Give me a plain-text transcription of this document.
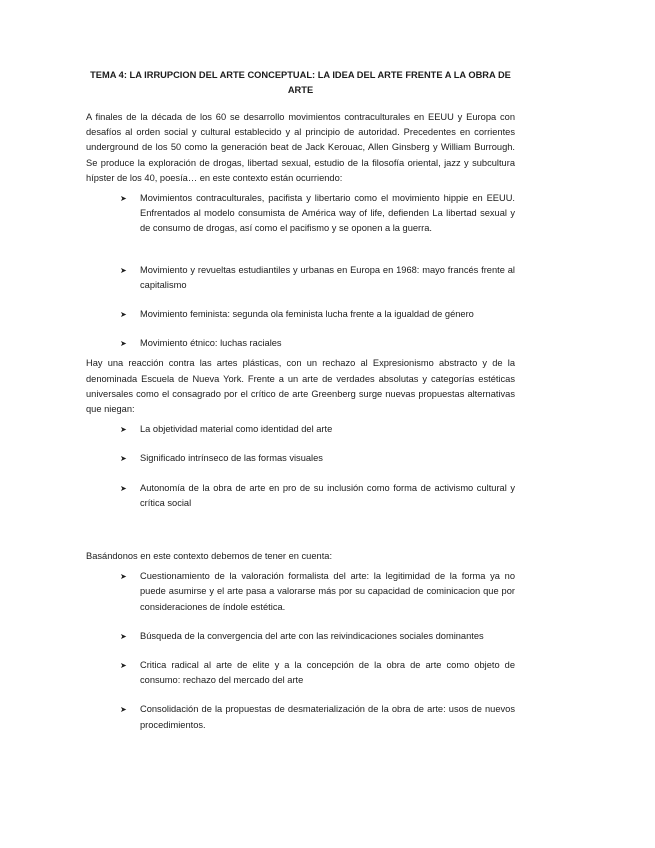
TEMA 4: LA IRRUPCION DEL ARTE CONCEPTUAL: LA IDEA DEL ARTE FRENTE A LA OBRA DE ARTE

A finales de la década de los 60 se desarrollo movimientos contraculturales en EEUU y Europa con desafíos al orden social y cultural establecido y al principio de autoridad. Precedentes en corrientes underground de los 50 como la generación beat de Jack Kerouac, Allen Ginsberg y William Burrough. Se produce la exploración de drogas, libertad sexual, estudio de la filosofía oriental, jazz y subcultura hípster de los 40, poesía… en este contexto están ocurriendo:

➤ Movimientos contraculturales, pacifista y libertario como el movimiento hippie en EEUU. Enfrentados al modelo consumista de América way of life, defienden La libertad sexual y de consumo de drogas, así como el pacifismo y se oponen a la guerra.
➤ Movimiento y revueltas estudiantiles y urbanas en Europa en 1968: mayo francés frente al capitalismo
➤ Movimiento feminista: segunda ola feminista lucha frente a la igualdad de género
➤ Movimiento étnico: luchas raciales

Hay una reacción contra las artes plásticas, con un rechazo al Expresionismo abstracto y de la denominada Escuela de Nueva York. Frente a un arte de verdades absolutas y categorías estéticas universales como el consagrado por el crítico de arte Greenberg surge nuevas propuestas alternativas que niegan:

➤ La objetividad material como identidad del arte
➤ Significado intrínseco de las formas visuales
➤ Autonomía de la obra de arte en pro de su inclusión como forma de activismo cultural y crítica social

Basándonos en este contexto debemos de tener en cuenta:

➤ Cuestionamiento de la valoración formalista del arte: la legitimidad de la forma ya no puede asumirse y el arte pasa a valorarse más por su capacidad de cominicacion que por consideraciones de índole estética.
➤ Búsqueda de la convergencia del arte con las reivindicaciones sociales dominantes
➤ Critica radical al arte de elite y a la concepción de la obra de arte como objeto de consumo: rechazo del mercado del arte
➤ Consolidación de la propuestas de desmaterialización de la obra de arte: usos de nuevos procedimientos.
